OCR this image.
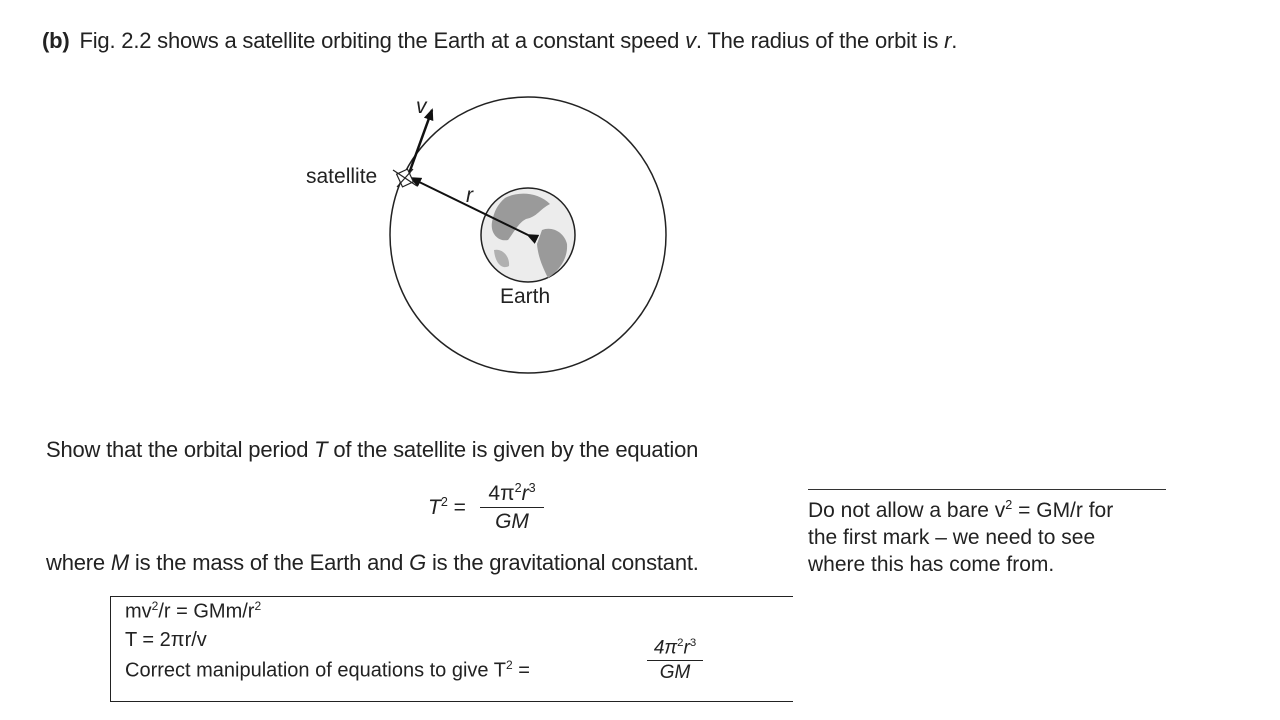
(b) Fig. 2.2 shows a satellite orbiting the Earth at a constant speed v. The radius of the orbit is r.
v
satellite
r
Earth
Show that the orbital period T of the satellite is given by the equation
$T^2 = \frac{4\pi^2r^3}{GM}$
where M is the mass of the Earth and G is the gravitational constant.
Do not allow a bare $v^2 = GM/r$ for
the first mark – we need to see
where this has come from.
$mv^2/r = GMm/r^2$
T = 2πr/v
Correct manipulation of equations to give $T^2$ =	$\frac{4\pi^2r^3}{GM}$
